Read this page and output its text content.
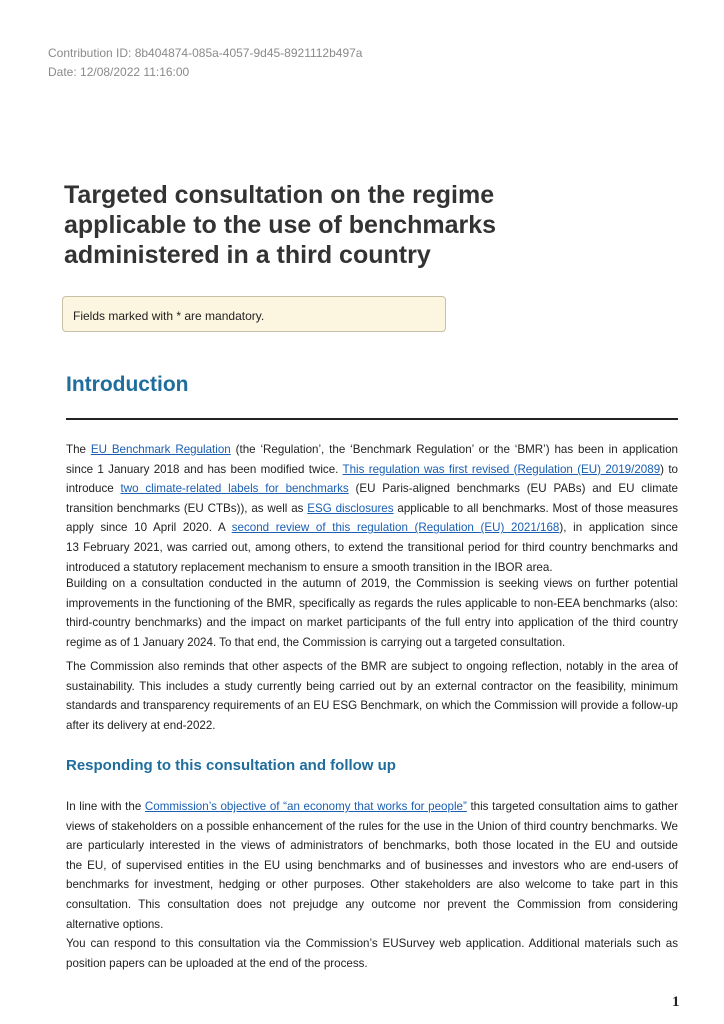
Contribution ID: 8b404874-085a-4057-9d45-8921112b497a
Date: 12/08/2022 11:16:00
Targeted consultation on the regime
applicable to the use of benchmarks
administered in a third country
Fields marked with * are mandatory.
Introduction
The EU Benchmark Regulation (the ‘Regulation’, the ‘Benchmark Regulation’ or the ‘BMR’) has been in application
since 1 January 2018 and has been modified twice. This regulation was first revised (Regulation (EU) 2019/2089) to
introduce two climate-related labels for benchmarks (EU Paris-aligned benchmarks (EU PABs) and EU climate
transition benchmarks (EU CTBs)), as well as ESG disclosures applicable to all benchmarks. Most of those measures
apply since 10 April 2020. A second review of this regulation (Regulation (EU) 2021/168), in application since
13 February 2021, was carried out, among others, to extend the transitional period for third country benchmarks and
introduced a statutory replacement mechanism to ensure a smooth transition in the IBOR area.
Building on a consultation conducted in the autumn of 2019, the Commission is seeking views on further potential
improvements in the functioning of the BMR, specifically as regards the rules applicable to non-EEA benchmarks (also:
third-country benchmarks) and the impact on market participants of the full entry into application of the third country
regime as of 1 January 2024. To that end, the Commission is carrying out a targeted consultation.
The Commission also reminds that other aspects of the BMR are subject to ongoing reflection, notably in the area of
sustainability. This includes a study currently being carried out by an external contractor on the feasibility, minimum
standards and transparency requirements of an EU ESG Benchmark, on which the Commission will provide a follow-up
after its delivery at end-2022.
Responding to this consultation and follow up
In line with the Commission’s objective of “an economy that works for people” this targeted consultation aims to gather
views of stakeholders on a possible enhancement of the rules for the use in the Union of third country benchmarks. We
are particularly interested in the views of administrators of benchmarks, both those located in the EU and outside
the EU, of supervised entities in the EU using benchmarks and of businesses and investors who are end-users of
benchmarks for investment, hedging or other purposes. Other stakeholders are also welcome to take part in this
consultation. This consultation does not prejudge any outcome nor prevent the Commission from considering
alternative options.
You can respond to this consultation via the Commission’s EUSurvey web application. Additional materials such as
position papers can be uploaded at the end of the process.
1
